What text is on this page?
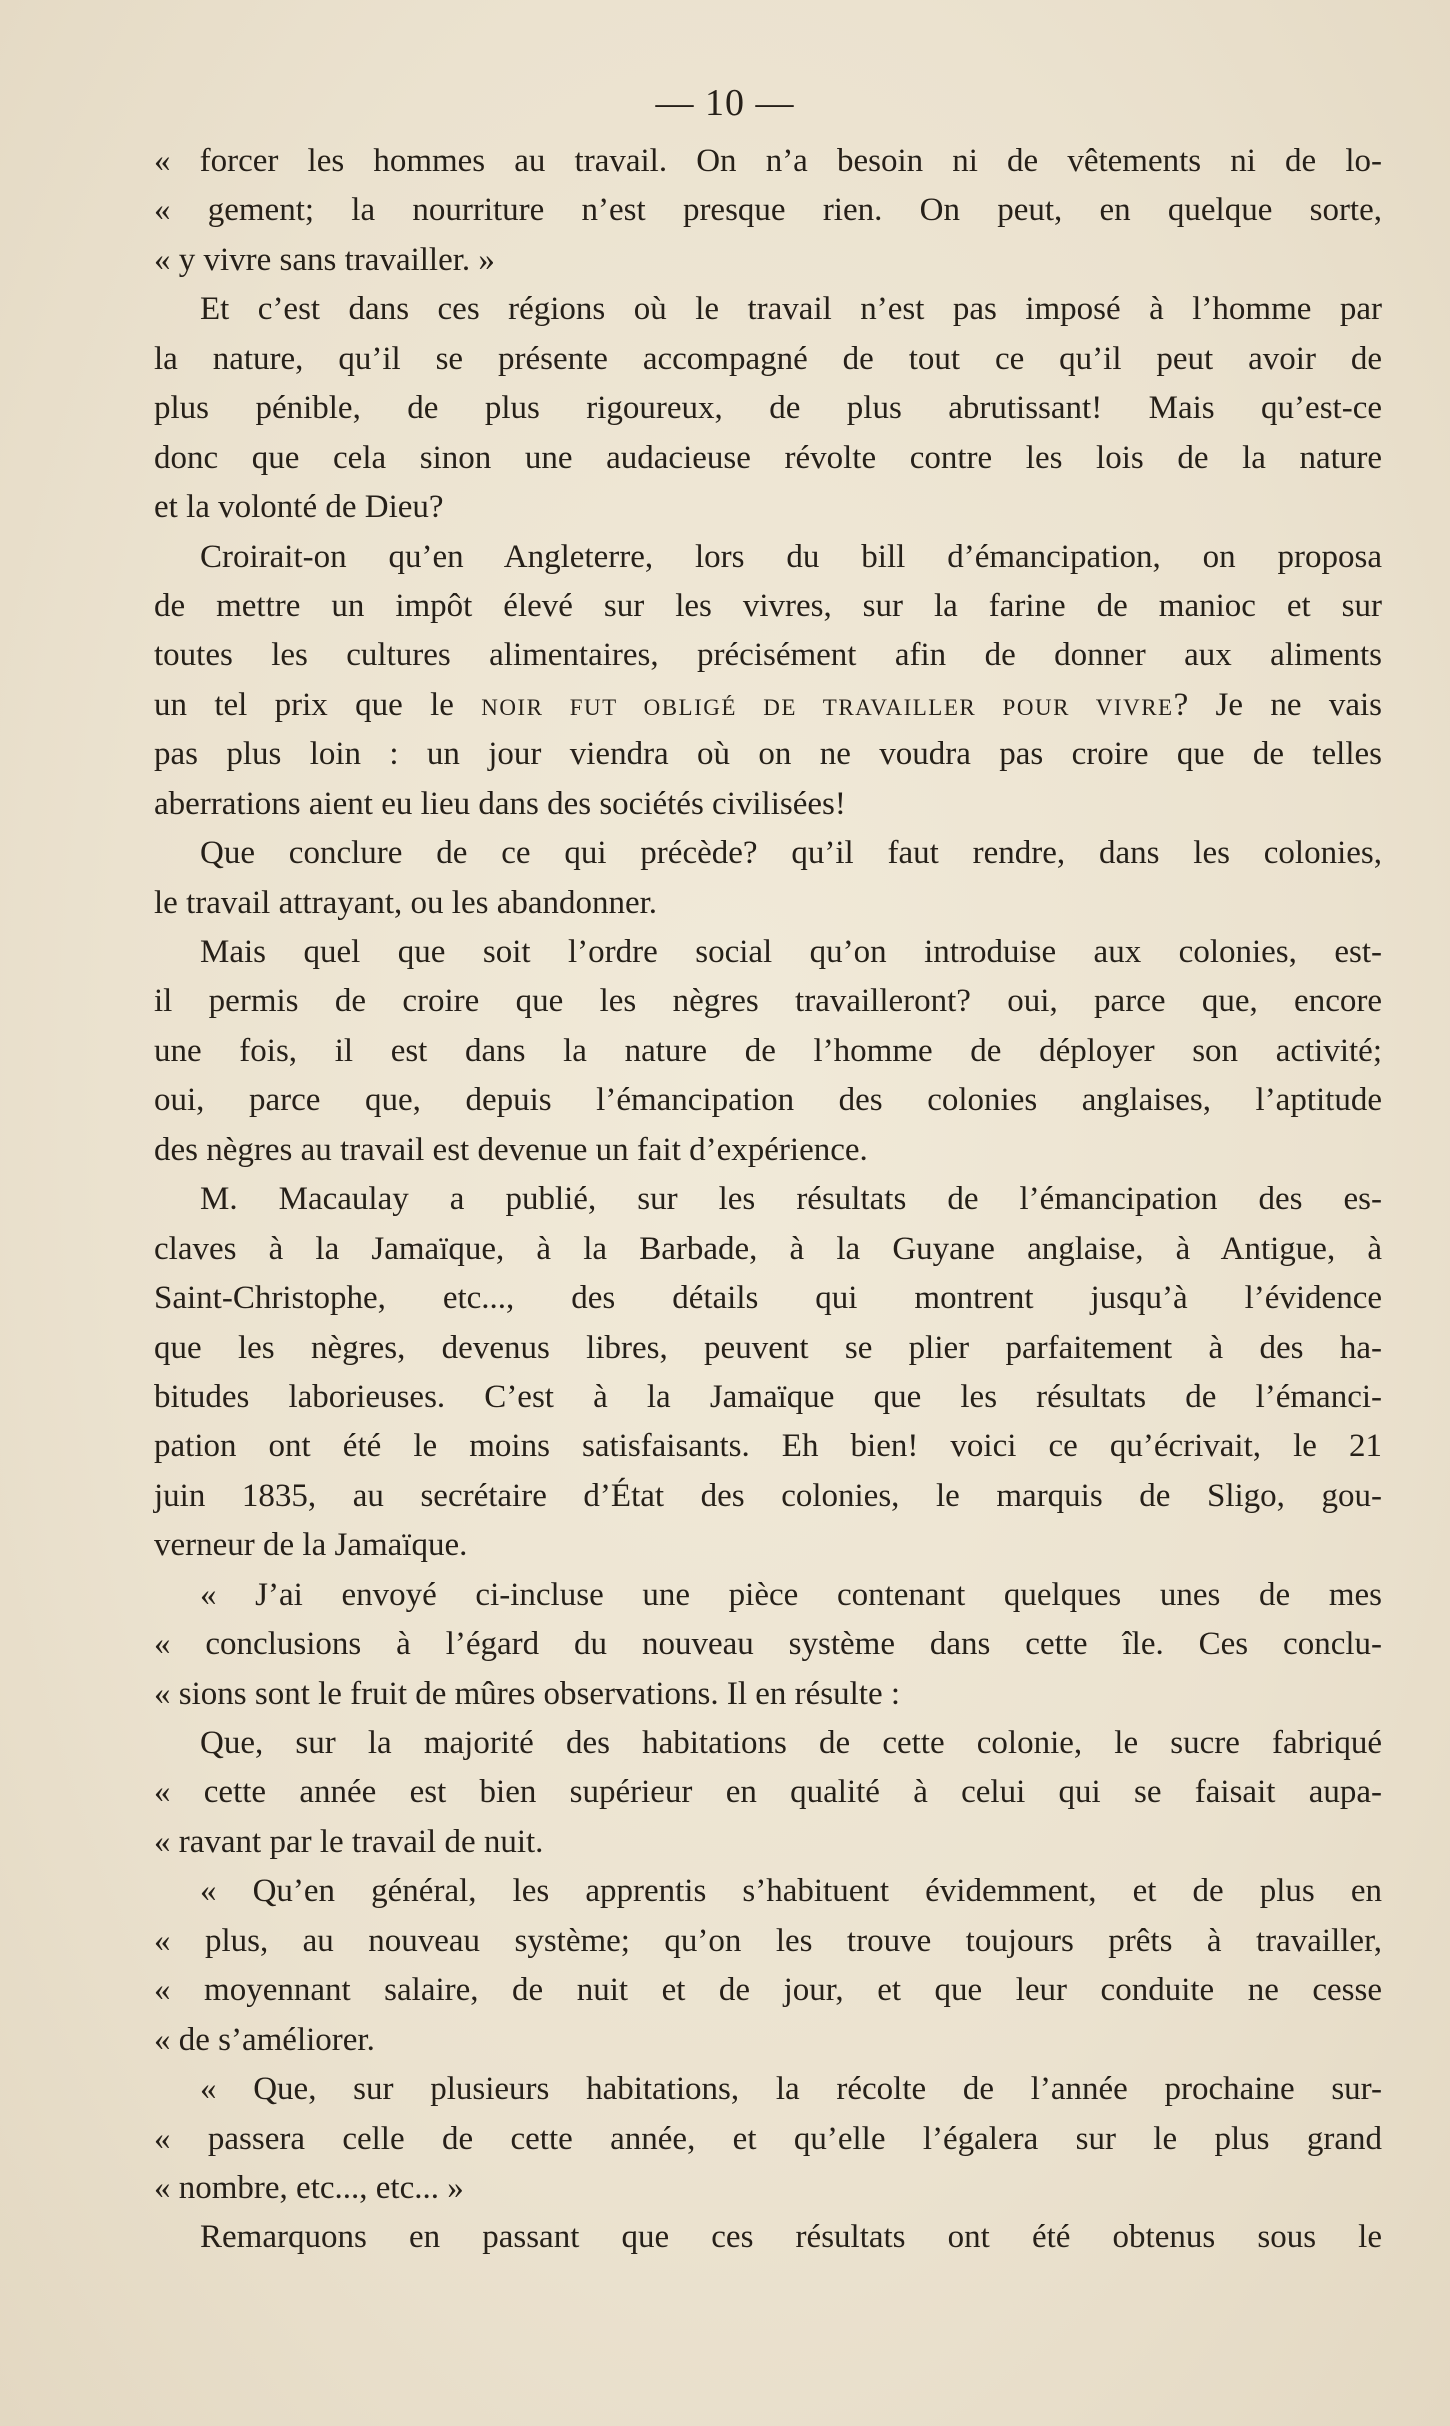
— 10 —
« forcer les hommes au travail. On n’a besoin ni de vêtements ni de lo-
« gement; la nourriture n’est presque rien. On peut, en quelque sorte,
« y vivre sans travailler. »
Et c’est dans ces régions où le travail n’est pas imposé à l’homme par
la nature, qu’il se présente accompagné de tout ce qu’il peut avoir de
plus pénible, de plus rigoureux, de plus abrutissant! Mais qu’est-ce
donc que cela sinon une audacieuse révolte contre les lois de la nature
et la volonté de Dieu?
Croirait-on qu’en Angleterre, lors du bill d’émancipation, on proposa
de mettre un impôt élevé sur les vivres, sur la farine de manioc et sur
toutes les cultures alimentaires, précisément afin de donner aux aliments
un tel prix que le NOIR FUT OBLIGÉ DE TRAVAILLER POUR VIVRE? Je ne vais
pas plus loin : un jour viendra où on ne voudra pas croire que de telles
aberrations aient eu lieu dans des sociétés civilisées!
Que conclure de ce qui précède? qu’il faut rendre, dans les colonies,
le travail attrayant, ou les abandonner.
Mais quel que soit l’ordre social qu’on introduise aux colonies, est-
il permis de croire que les nègres travailleront? oui, parce que, encore
une fois, il est dans la nature de l’homme de déployer son activité;
oui, parce que, depuis l’émancipation des colonies anglaises, l’aptitude
des nègres au travail est devenue un fait d’expérience.
M. Macaulay a publié, sur les résultats de l’émancipation des es-
claves à la Jamaïque, à la Barbade, à la Guyane anglaise, à Antigue, à
Saint-Christophe, etc..., des détails qui montrent jusqu’à l’évidence
que les nègres, devenus libres, peuvent se plier parfaitement à des ha-
bitudes laborieuses. C’est à la Jamaïque que les résultats de l’émanci-
pation ont été le moins satisfaisants. Eh bien! voici ce qu’écrivait, le 21
juin 1835, au secrétaire d’État des colonies, le marquis de Sligo, gou-
verneur de la Jamaïque.
« J’ai envoyé ci-incluse une pièce contenant quelques unes de mes
« conclusions à l’égard du nouveau système dans cette île. Ces conclu-
« sions sont le fruit de mûres observations. Il en résulte :
Que, sur la majorité des habitations de cette colonie, le sucre fabriqué
« cette année est bien supérieur en qualité à celui qui se faisait aupa-
« ravant par le travail de nuit.
« Qu’en général, les apprentis s’habituent évidemment, et de plus en
« plus, au nouveau système; qu’on les trouve toujours prêts à travailler,
« moyennant salaire, de nuit et de jour, et que leur conduite ne cesse
« de s’améliorer.
« Que, sur plusieurs habitations, la récolte de l’année prochaine sur-
« passera celle de cette année, et qu’elle l’égalera sur le plus grand
« nombre, etc..., etc... »
Remarquons en passant que ces résultats ont été obtenus sous le
